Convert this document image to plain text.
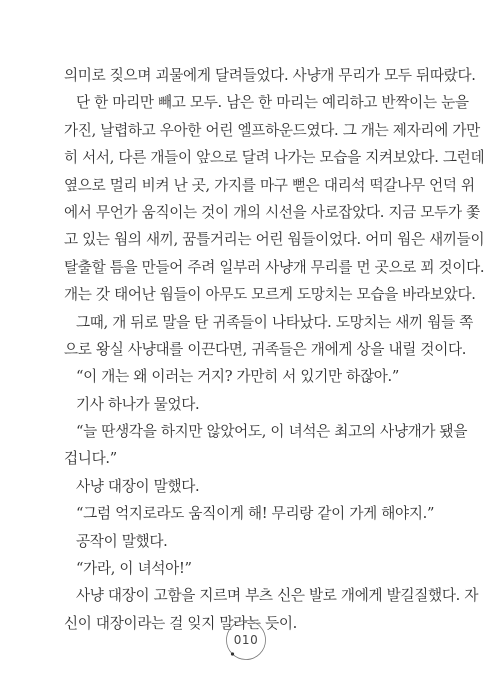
의미로 짖으며 괴물에게 달려들었다. 사냥개 무리가 모두 뒤따랐다.
단 한 마리만 빼고 모두. 남은 한 마리는 예리하고 반짝이는 눈을
가진, 날렵하고 우아한 어린 엘프하운드였다. 그 개는 제자리에 가만
히 서서, 다른 개들이 앞으로 달려 나가는 모습을 지켜보았다. 그런데
옆으로 멀리 비켜 난 곳, 가지를 마구 뻗은 대리석 떡갈나무 언덕 위
에서 무언가 움직이는 것이 개의 시선을 사로잡았다. 지금 모두가 쫓
고 있는 웜의 새끼, 꿈틀거리는 어린 웜들이었다. 어미 웜은 새끼들이
탈출할 틈을 만들어 주려 일부러 사냥개 무리를 먼 곳으로 꾀 것이다.
개는 갓 태어난 웜들이 아무도 모르게 도망치는 모습을 바라보았다.
그때, 개 뒤로 말을 탄 귀족들이 나타났다. 도망치는 새끼 웜들 쪽
으로 왕실 사냥대를 이끈다면, 귀족들은 개에게 상을 내릴 것이다.
“이 개는 왜 이러는 거지? 가만히 서 있기만 하잖아.”
기사 하나가 물었다.
“늘 딴생각을 하지만 않았어도, 이 녀석은 최고의 사냥개가 됐을
겁니다.”
사냥 대장이 말했다.
“그럼 억지로라도 움직이게 해! 무리랑 같이 가게 해야지.”
공작이 말했다.
“가라, 이 녀석아!”
사냥 대장이 고함을 지르며 부츠 신은 발로 개에게 발길질했다. 자
신이 대장이라는 걸 잊지 말라는 듯이.
010
